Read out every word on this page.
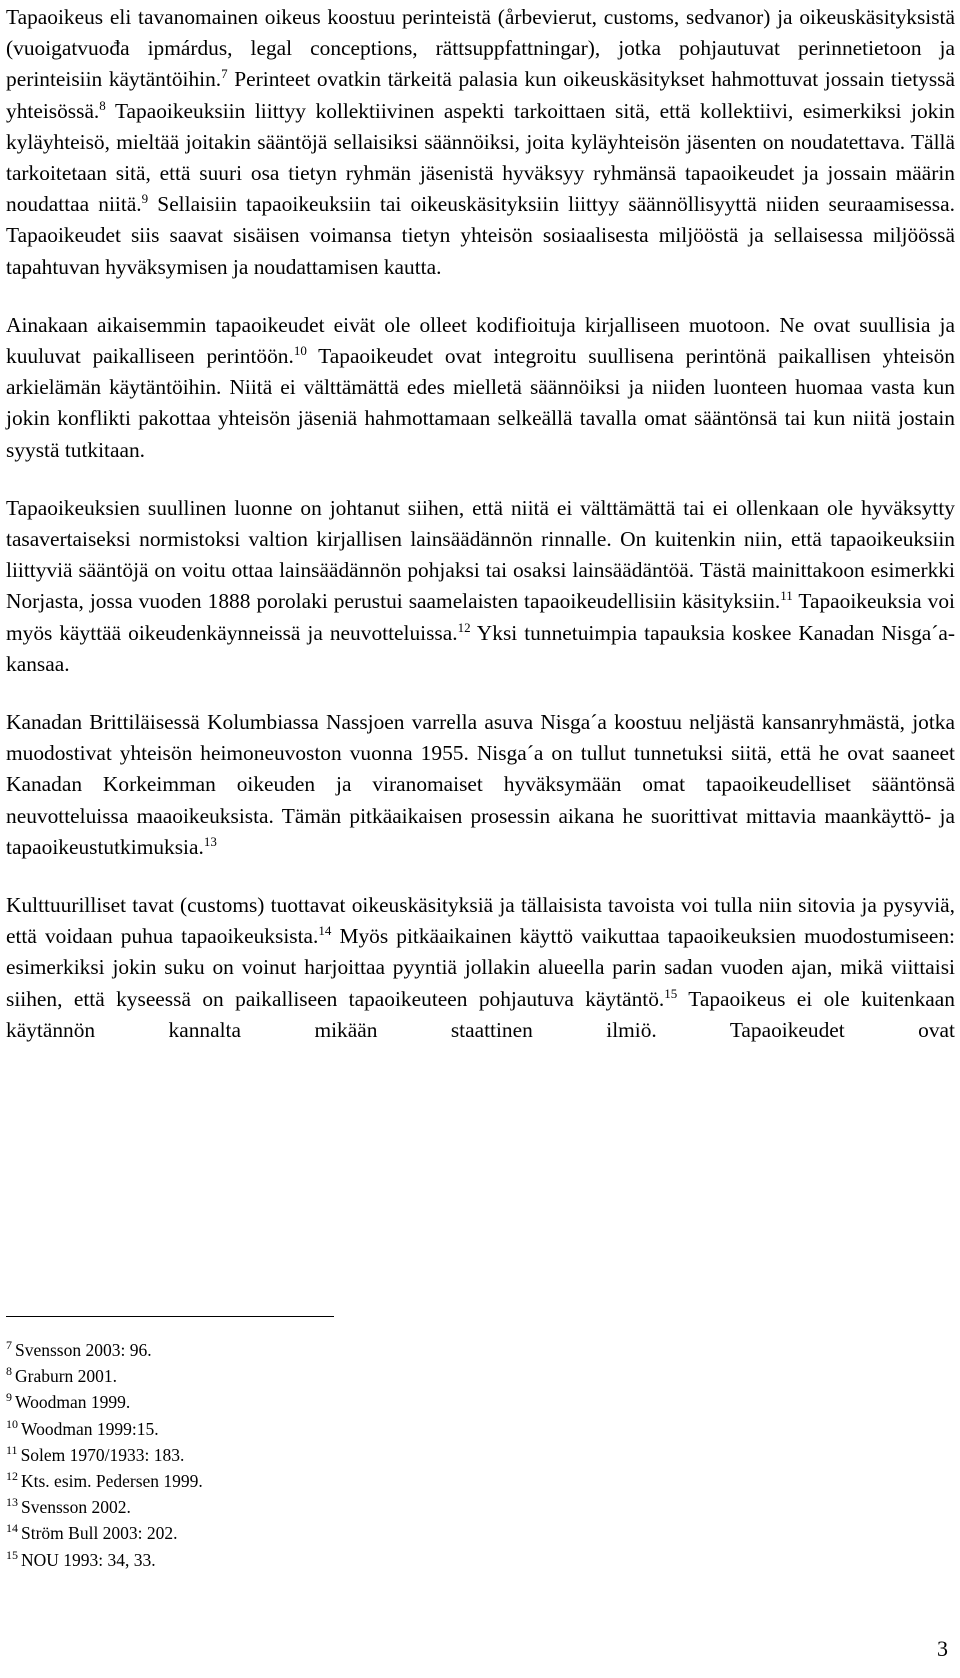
Tapaoikeus eli tavanomainen oikeus koostuu perinteistä (årbevierut, customs, sedvanor) ja oikeuskäsityksistä (vuoigatvuođa ipmárdus, legal conceptions, rättsuppfattningar), jotka pohjautuvat perinnetietoon ja perinteisiin käytäntöihin.$^7$ Perinteet ovatkin tärkeitä palasia kun oikeuskäsitykset hahmottuvat jossain tietyssä yhteisössä.$^8$ Tapaoikeuksiin liittyy kollektiivinen aspekti tarkoittaen sitä, että kollektiivi, esimerkiksi jokin kyläyhteisö, mieltää joitakin sääntöjä sellaisiksi säännöiksi, joita kyläyhteisön jäsenten on noudatettava. Tällä tarkoitetaan sitä, että suuri osa tietyn ryhmän jäsenistä hyväksyy ryhmänsä tapaoikeudet ja jossain määrin noudattaa niitä.$^9$ Sellaisiin tapaoikeuksiin tai oikeuskäsityksiin liittyy säännöllisyyttä niiden seuraamisessa. Tapaoikeudet siis saavat sisäisen voimansa tietyn yhteisön sosiaalisesta miljööstä ja sellaisessa miljöössä tapahtuvan hyväksymisen ja noudattamisen kautta.

Ainakaan aikaisemmin tapaoikeudet eivät ole olleet kodifioituja kirjalliseen muotoon. Ne ovat suullisia ja kuuluvat paikalliseen perintöön.$^{10}$ Tapaoikeudet ovat integroitu suullisena perintönä paikallisen yhteisön arkielämän käytäntöihin. Niitä ei välttämättä edes mielletä säännöiksi ja niiden luonteen huomaa vasta kun jokin konflikti pakottaa yhteisön jäseniä hahmottamaan selkeällä tavalla omat sääntönsä tai kun niitä jostain syystä tutkitaan.

Tapaoikeuksien suullinen luonne on johtanut siihen, että niitä ei välttämättä tai ei ollenkaan ole hyväksytty tasavertaiseksi normistoksi valtion kirjallisen lainsäädännön rinnalle. On kuitenkin niin, että tapaoikeuksiin liittyviä sääntöjä on voitu ottaa lainsäädännön pohjaksi tai osaksi lainsäädäntöä. Tästä mainittakoon esimerkki Norjasta, jossa vuoden 1888 porolaki perustui saamelaisten tapaoikeudellisiin käsityksiin.$^{11}$ Tapaoikeuksia voi myös käyttää oikeudenkäynneissä ja neuvotteluissa.$^{12}$ Yksi tunnetuimpia tapauksia koskee Kanadan Nisga´a-kansaa.

Kanadan Brittiläisessä Kolumbiassa Nassjoen varrella asuva Nisga´a koostuu neljästä kansanryhmästä, jotka muodostivat yhteisön heimoneuvoston vuonna 1955. Nisga´a on tullut tunnetuksi siitä, että he ovat saaneet Kanadan Korkeimman oikeuden ja viranomaiset hyväksymään omat tapaoikeudelliset sääntönsä neuvotteluissa maaoikeuksista. Tämän pitkäaikaisen prosessin aikana he suorittivat mittavia maankäyttö- ja tapaoikeustutkimuksia.$^{13}$

Kulttuurilliset tavat (customs) tuottavat oikeuskäsityksiä ja tällaisista tavoista voi tulla niin sitovia ja pysyviä, että voidaan puhua tapaoikeuksista.$^{14}$ Myös pitkäaikainen käyttö vaikuttaa tapaoikeuksien muodostumiseen: esimerkiksi jokin suku on voinut harjoittaa pyyntiä jollakin alueella parin sadan vuoden ajan, mikä viittaisi siihen, että kyseessä on paikalliseen tapaoikeuteen pohjautuva käytäntö.$^{15}$ Tapaoikeus ei ole kuitenkaan käytännön kannalta mikään staattinen ilmiö. Tapaoikeudet ovat

$^7$ Svensson 2003: 96.
$^8$ Graburn 2001.
$^9$ Woodman 1999.
$^{10}$ Woodman 1999:15.
$^{11}$ Solem 1970/1933: 183.
$^{12}$ Kts. esim. Pedersen 1999.
$^{13}$ Svensson 2002.
$^{14}$ Ström Bull 2003: 202.
$^{15}$ NOU 1993: 34, 33.
3
